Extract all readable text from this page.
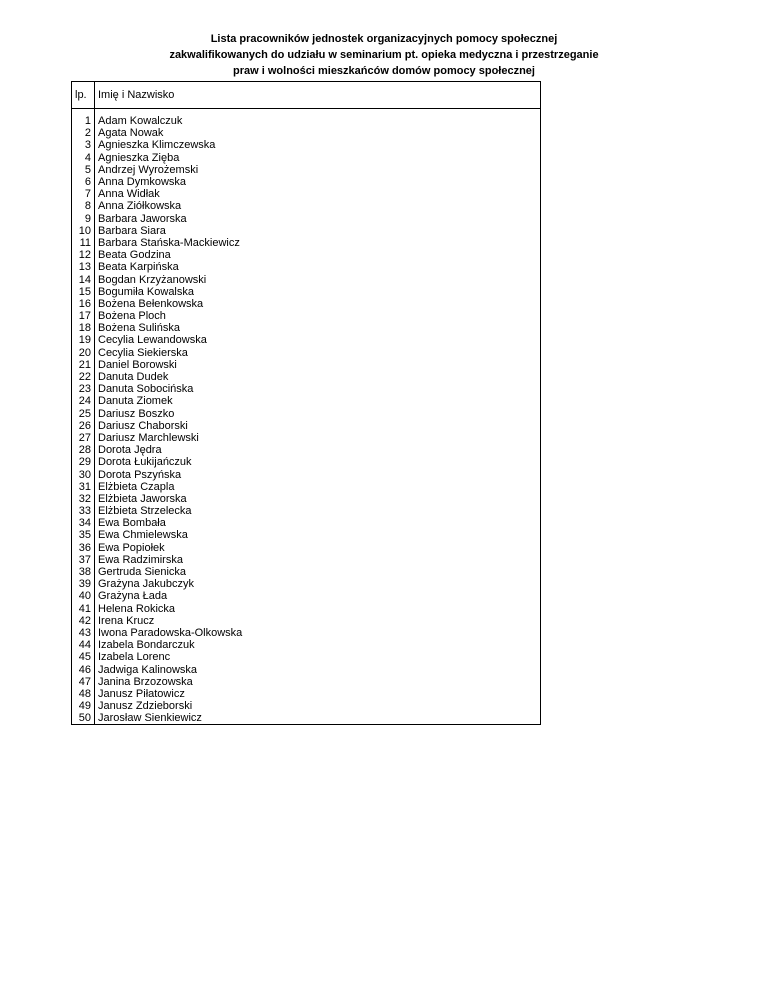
Lista pracowników jednostek organizacyjnych pomocy społecznej
zakwalifikowanych do udziału w seminarium pt. opieka medyczna i przestrzeganie
praw i wolności mieszkańców domów pomocy społecznej
lp.	Imię i Nazwisko

1	Adam Kowalczuk
2	Agata Nowak
3	Agnieszka Klimczewska
4	Agnieszka Zięba
5	Andrzej Wyrożemski
6	Anna Dymkowska
7	Anna Widłak
8	Anna Ziółkowska
9	Barbara Jaworska
10	Barbara Siara
11	Barbara Stańska-Mackiewicz
12	Beata Godzina
13	Beata Karpińska
14	Bogdan Krzyżanowski
15	Bogumiła Kowalska
16	Bożena Bełenkowska
17	Bożena Ploch
18	Bożena Sulińska
19	Cecylia Lewandowska
20	Cecylia Siekierska
21	Daniel Borowski
22	Danuta Dudek
23	Danuta Sobocińska
24	Danuta Ziomek
25	Dariusz Boszko
26	Dariusz Chaborski
27	Dariusz Marchlewski
28	Dorota Jędra
29	Dorota Łukijańczuk
30	Dorota Pszyńska
31	Elżbieta Czapla
32	Elżbieta Jaworska
33	Elżbieta Strzelecka
34	Ewa Bombała
35	Ewa Chmielewska
36	Ewa Popiołek
37	Ewa Radzimirska
38	Gertruda Sienicka
39	Grażyna Jakubczyk
40	Grażyna Łada
41	Helena Rokicka
42	Irena Krucz
43	Iwona Paradowska-Olkowska
44	Izabela Bondarczuk
45	Izabela Lorenc
46	Jadwiga Kalinowska
47	Janina Brzozowska
48	Janusz Piłatowicz
49	Janusz Zdzieborski
50	Jarosław Sienkiewicz
